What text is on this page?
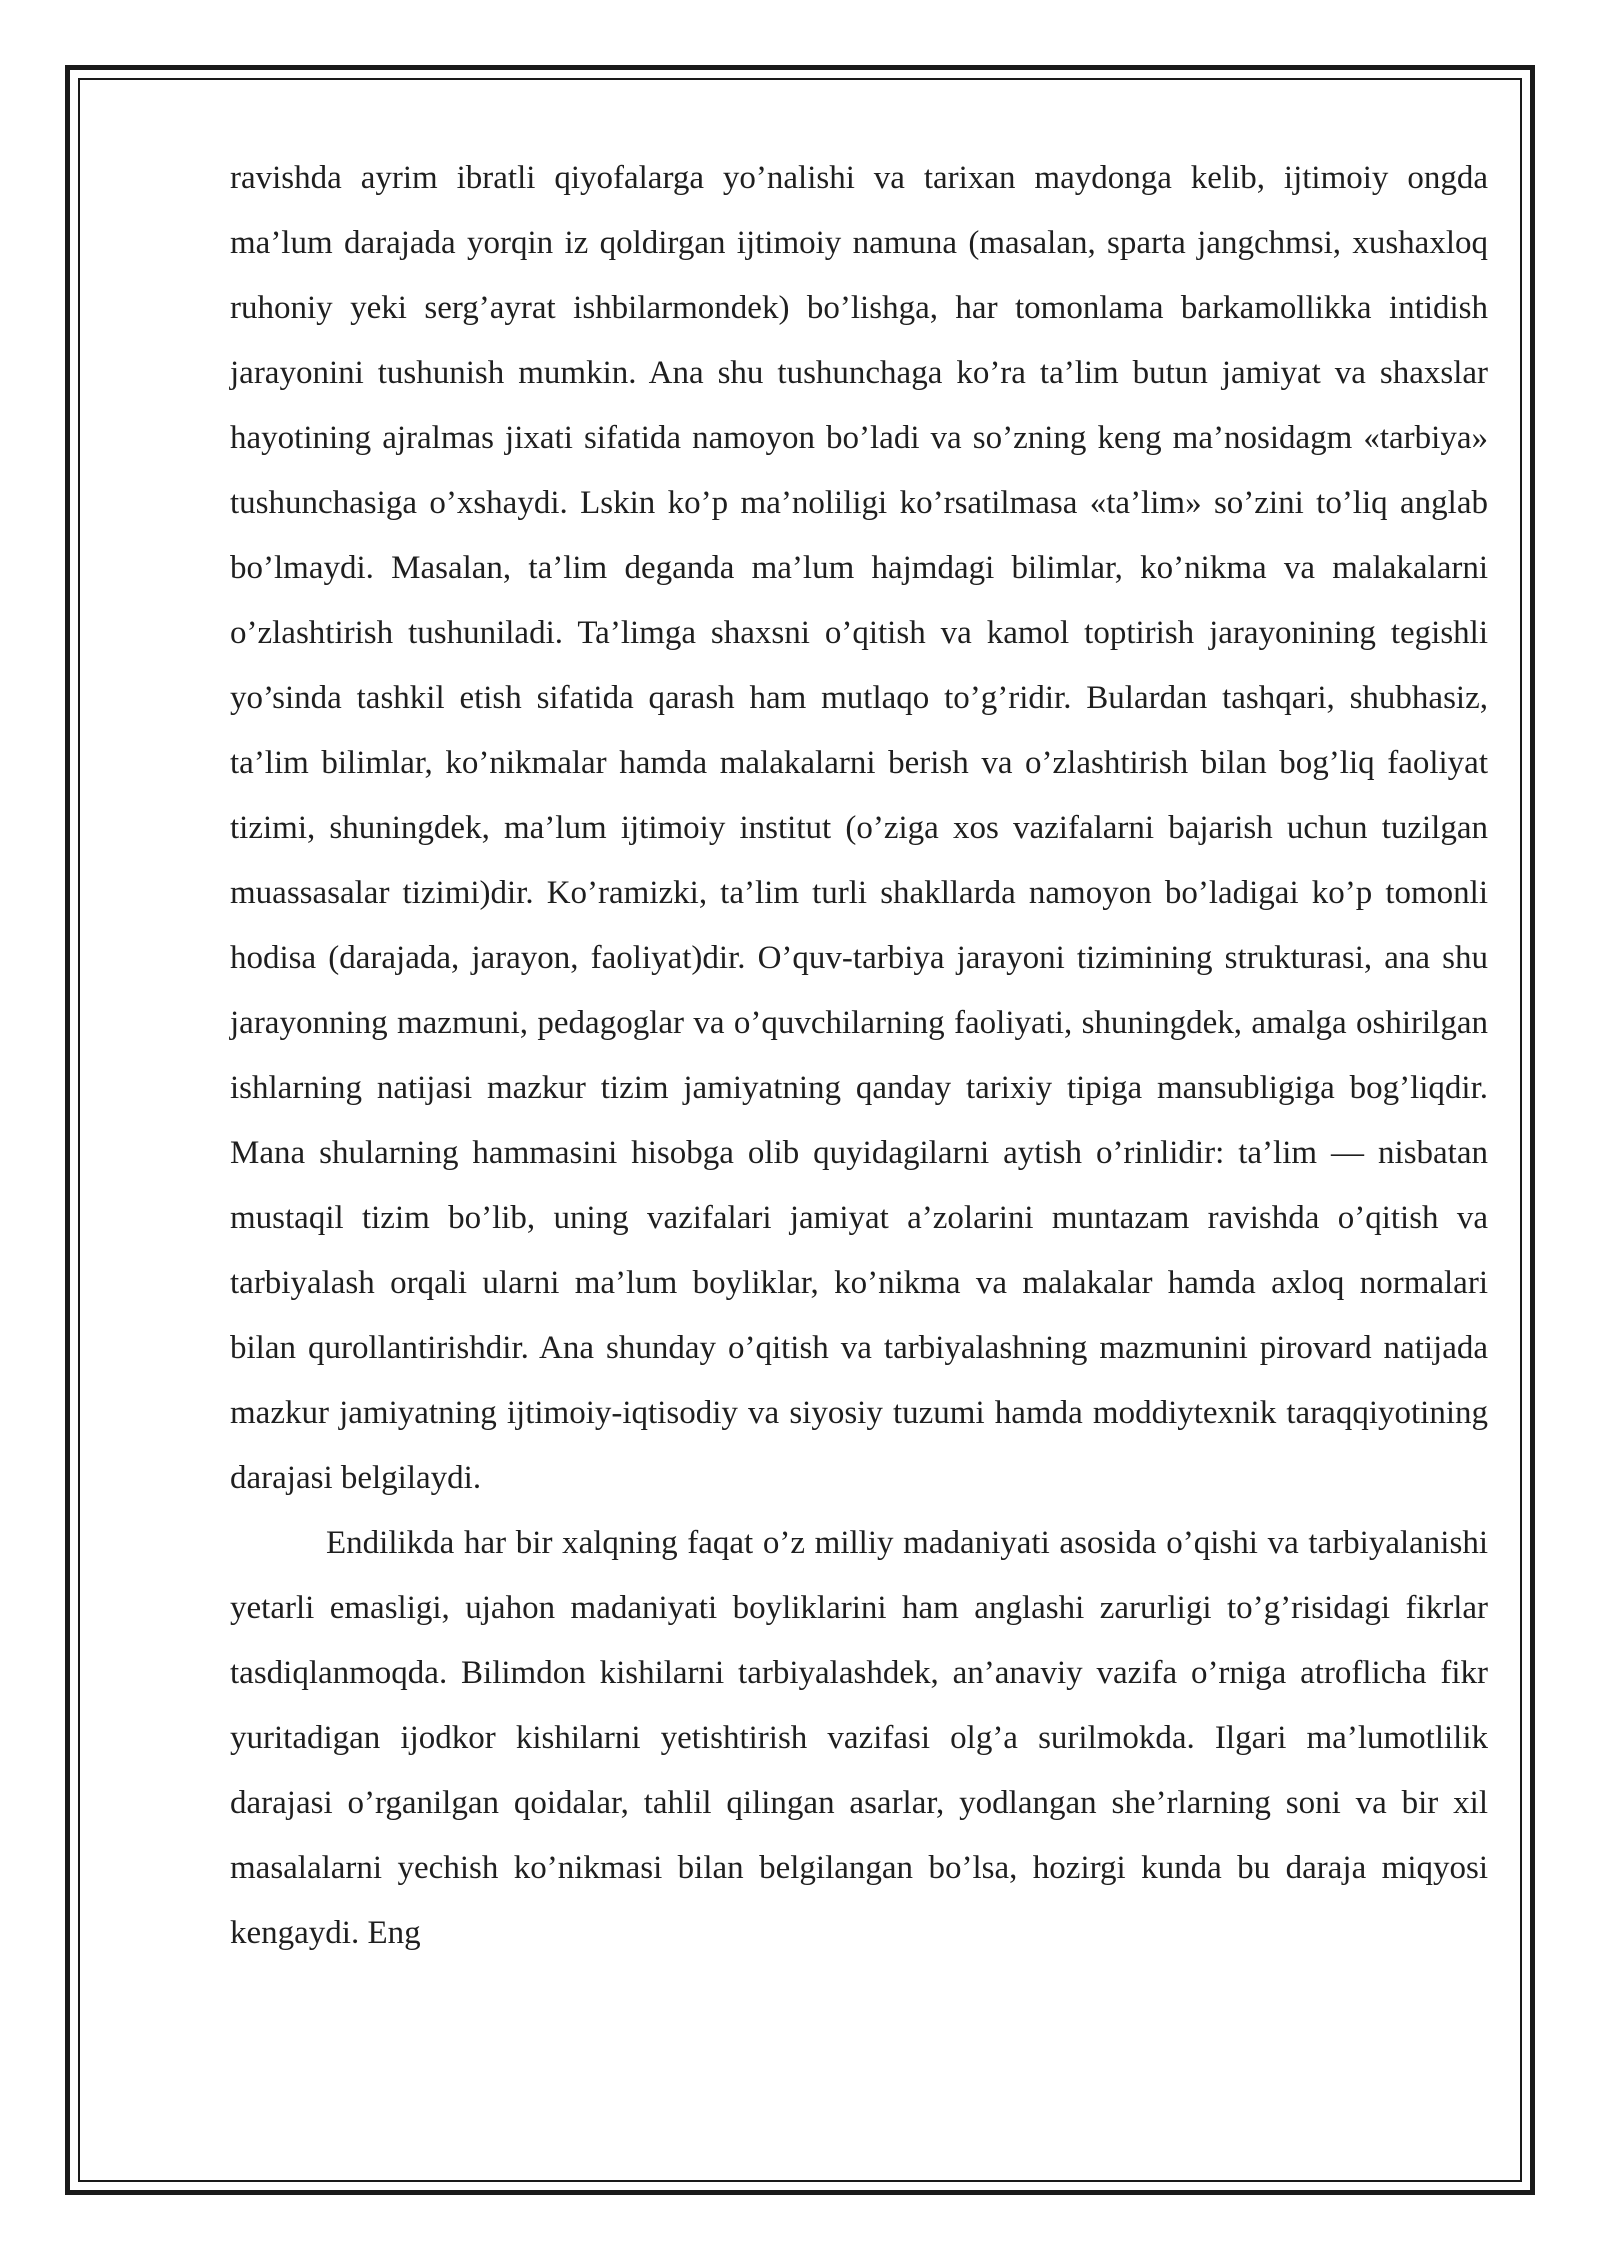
ravishda ayrim ibratli qiyofalarga yo’nalishi va tarixan maydonga kelib, ijtimoiy ongda ma’lum darajada yorqin iz qoldirgan ijtimoiy namuna (masalan, sparta jangchmsi, xushaxloq ruhoniy yeki serg’ayrat ishbilarmondek) bo’lishga, har tomonlama barkamollikka intidish jarayonini tushunish mumkin. Ana shu tushunchaga ko’ra ta’lim butun jamiyat va shaxslar hayotining ajralmas jixati sifatida namoyon bo’ladi va so’zning keng ma’nosidagm «tarbiya» tushunchasiga o’xshaydi. Lskin ko’p ma’noliligi ko’rsatilmasa «ta’lim» so’zini to’liq anglab bo’lmaydi. Masalan, ta’lim deganda ma’lum hajmdagi bilimlar, ko’nikma va malakalarni o’zlashtirish tushuniladi. Ta’limga shaxsni o’qitish va kamol toptirish jarayonining tegishli yo’sinda tashkil etish sifatida qarash ham mutlaqo to’g’ridir. Bulardan tashqari, shubhasiz, ta’lim bilimlar, ko’nikmalar hamda malakalarni berish va o’zlashtirish bilan bog’liq faoliyat tizimi, shuningdek, ma’lum ijtimoiy institut (o’ziga xos vazifalarni bajarish uchun tuzilgan muassasalar tizimi)dir. Ko’ramizki, ta’lim turli shakllarda namoyon bo’ladigai ko’p tomonli hodisa (darajada, jarayon, faoliyat)dir. O’quv-tarbiya jarayoni tizimining strukturasi, ana shu jarayonning mazmuni, pedagoglar va o’quvchilarning faoliyati, shuningdek, amalga oshirilgan ishlarning natijasi mazkur tizim jamiyatning qanday tarixiy tipiga mansubligiga bog’liqdir. Mana shularning hammasini hisobga olib quyidagilarni aytish o’rinlidir: ta’lim — nisbatan mustaqil tizim bo’lib, uning vazifalari jamiyat a’zolarini muntazam ravishda o’qitish va tarbiyalash orqali ularni ma’lum boyliklar, ko’nikma va malakalar hamda axloq normalari bilan qurollantirishdir. Ana shunday o’qitish va tarbiyalashning mazmunini pirovard natijada mazkur jamiyatning ijtimoiy-iqtisodiy va siyosiy tuzumi hamda moddiytexnik taraqqiyotining darajasi belgilaydi.

Endilikda har bir xalqning faqat o’z milliy madaniyati asosida o’qishi va tarbiyalanishi yetarli emasligi, ujahon madaniyati boyliklarini ham anglashi zarurligi to’g’risidagi fikrlar tasdiqlanmoqda. Bilimdon kishilarni tarbiyalashdek, an’anaviy vazifa o’rniga atroflicha fikr yuritadigan ijodkor kishilarni yetishtirish vazifasi olg’a surilmokda. Ilgari ma’lumotlilik darajasi o’rganilgan qoidalar, tahlil qilingan asarlar, yodlangan she’rlarning soni va bir xil masalalarni yechish ko’nikmasi bilan belgilangan bo’lsa, hozirgi kunda bu daraja miqyosi kengaydi. Eng
